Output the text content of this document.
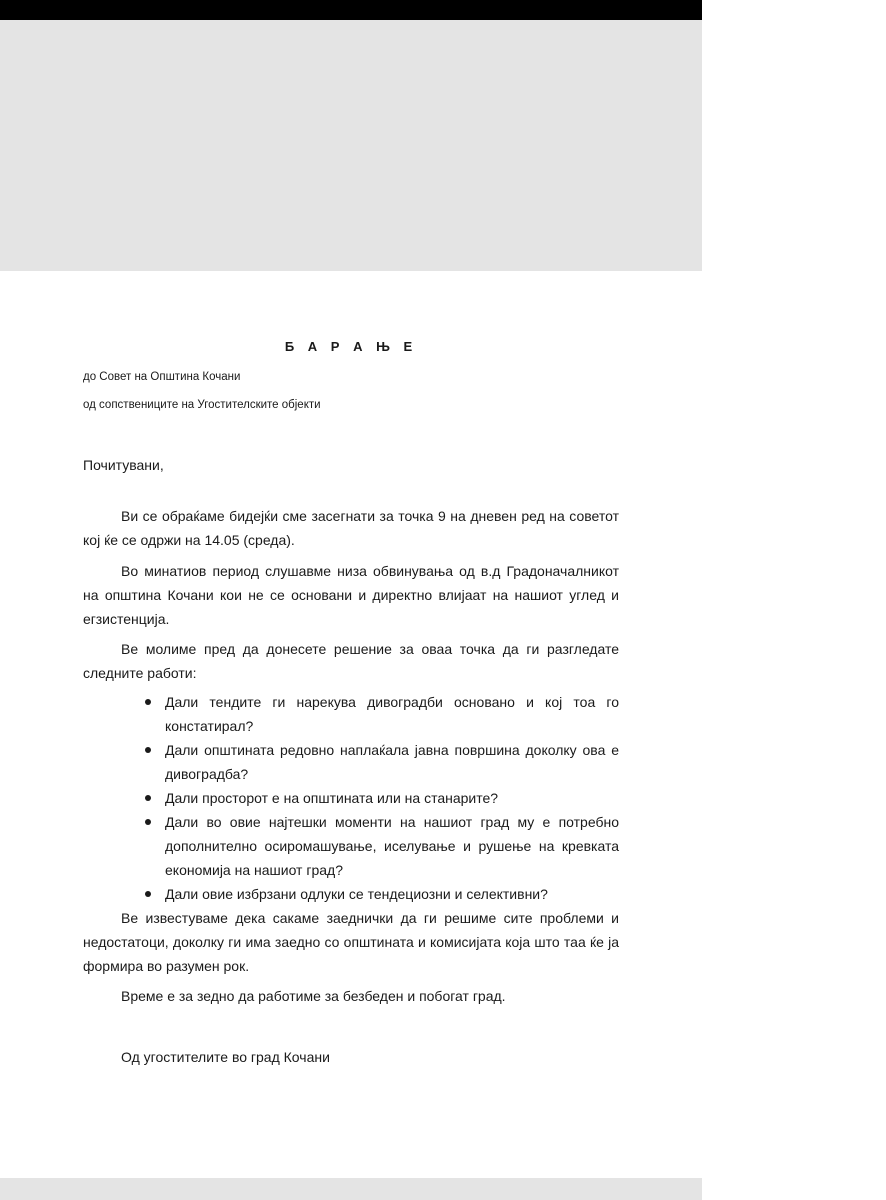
Б А Р А Њ Е
до Совет на Општина Кочани
од сопствениците на Угостителските објекти
Почитувани,

Ви се обраќаме бидејќи сме засегнати за точка 9 на дневен ред на советот кој ќе се одржи на 14.05 (среда).

Во минатиов период слушавме низа обвинувања од в.д Градоначалникот на општина Кочани кои не се основани и директно влијаат на нашиот углед и егзистенција.

Ве молиме пред да донесете решение за оваа точка да ги разгледате следните работи:

Дали тендите ги нарекува дивоградби основано и кој тоа го констатирал?
Дали општината редовно наплаќала јавна површина доколку ова е дивоградба?
Дали просторот е на општината или на станарите?
Дали во овие најтешки моменти на нашиот град му е потребно дополнително осиромашување, иселување и рушење на кревката економија на нашиот град?
Дали овие избрзани одлуки се тендециозни и селективни?

Ве известуваме дека сакаме заеднички да ги решиме сите проблеми и недостатоци, доколку ги има заедно со општината и комисијата која што таа ќе ја формира во разумен рок.

Време е за зедно да работиме за безбеден и побогат град.

Од угостителите во град Кочани
